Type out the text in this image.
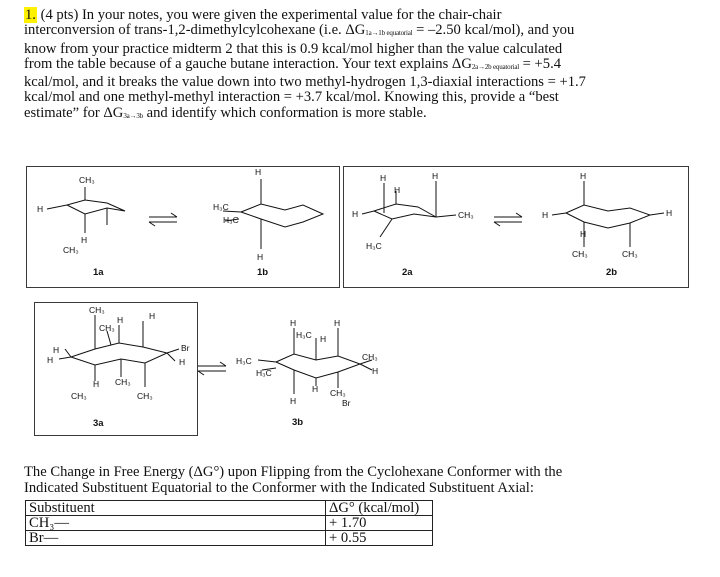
1. (4 pts) In your notes, you were given the experimental value for the chair-chair
interconversion of trans-1,2-dimethylcylcohexane (i.e. ΔG1a→1b equatorial = –2.50 kcal/mol), and you
know from your practice midterm 2 that this is 0.9 kcal/mol higher than the value calculated
from the table because of a gauche butane interaction. Your text explains ΔG2a→2b equatorial = +5.4
kcal/mol, and it breaks the value down into two methyl-hydrogen 1,3-diaxial interactions = +1.7
kcal/mol and one methyl-methyl interaction = +3.7 kcal/mol. Knowing this, provide a “best
estimate” for ΔG3a→3b and identify which conformation is more stable.
CH₃
H
H
CH₃
1a
H
H₃C
H₃C
H
1b
H
H
H
H	CH₃
H₃C
2a
H
H
H	H
CH₃	CH₃
2b
CH₃
CH₃
H	H
H
H
Br
H
H CH₃
CH₃	CH₃
3a
H	H
H₃C H
H₃C
H₃C
CH₃
H
H CH₃
H	Br
3b
The Change in Free Energy (ΔG°) upon Flipping from the Cyclohexane Conformer with the
Indicated Substituent Equatorial to the Conformer with the Indicated Substituent Axial:
Substituent	ΔG° (kcal/mol)
CH₃—	+ 1.70
Br—	+ 0.55
